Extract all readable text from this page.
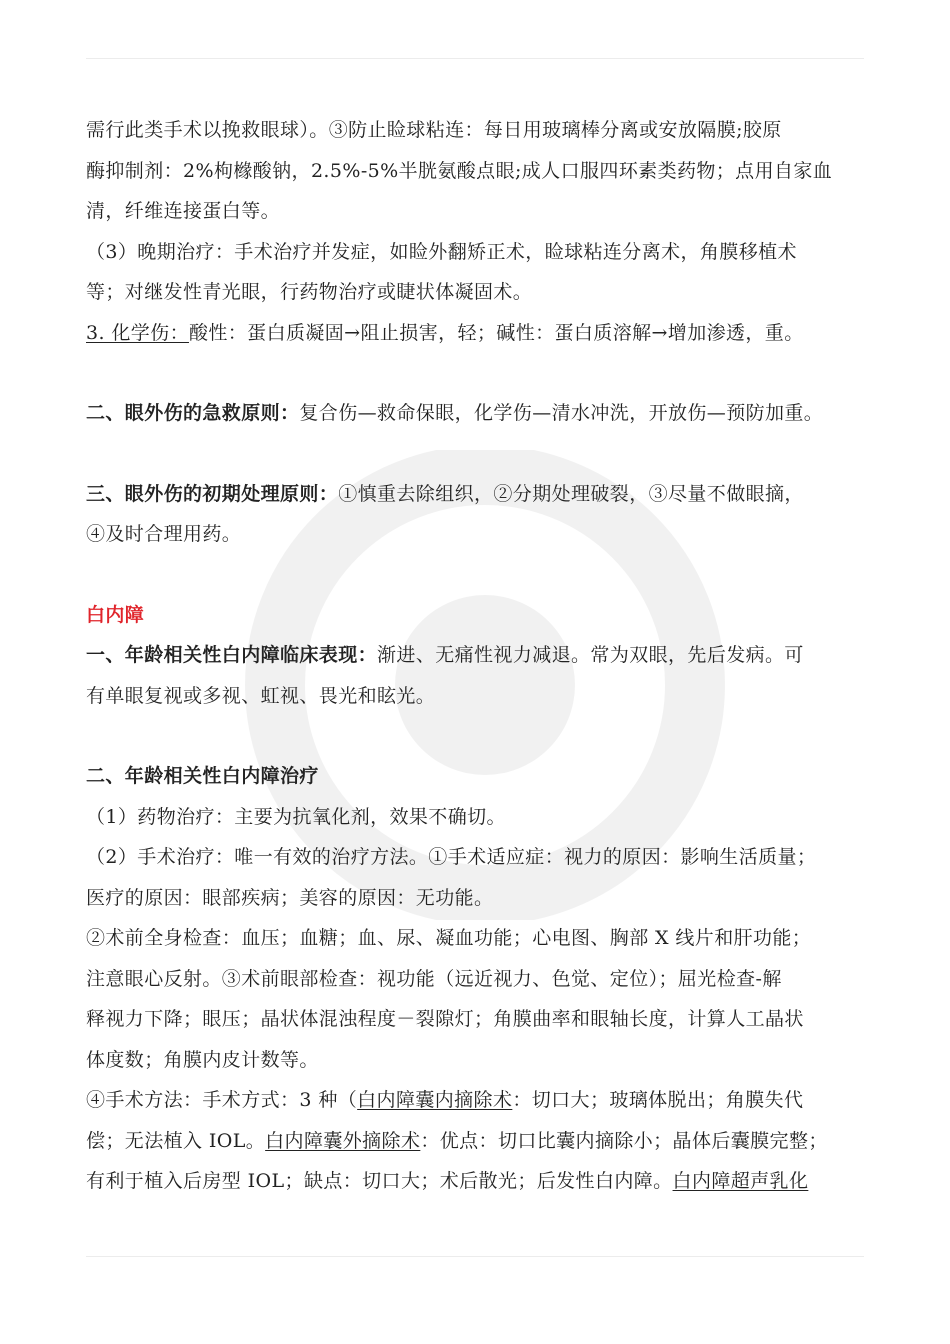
需行此类手术以挽救眼球）。③防止睑球粘连：每日用玻璃棒分离或安放隔膜;胶原

酶抑制剂：2%枸橼酸钠，2.5%-5%半胱氨酸点眼;成人口服四环素类药物；点用自家血

清，纤维连接蛋白等。

（3）晚期治疗：手术治疗并发症，如睑外翻矫正术，睑球粘连分离术，角膜移植术

等；对继发性青光眼，行药物治疗或睫状体凝固术。

3. 化学伤：酸性：蛋白质凝固→阻止损害，轻；碱性：蛋白质溶解→增加渗透，重。

二、眼外伤的急救原则：复合伤—救命保眼，化学伤—清水冲洗，开放伤—预防加重。

三、眼外伤的初期处理原则：①慎重去除组织，②分期处理破裂，③尽量不做眼摘，

④及时合理用药。

白内障

一、年龄相关性白内障临床表现：渐进、无痛性视力减退。常为双眼，先后发病。可

有单眼复视或多视、虹视、畏光和眩光。

二、年龄相关性白内障治疗

（1）药物治疗：主要为抗氧化剂，效果不确切。

（2）手术治疗：唯一有效的治疗方法。①手术适应症：视力的原因：影响生活质量；

医疗的原因：眼部疾病；美容的原因：无功能。

②术前全身检查：血压；血糖；血、尿、凝血功能；心电图、胸部 X 线片和肝功能；

注意眼心反射。③术前眼部检查：视功能（远近视力、色觉、定位）；屈光检查-解

释视力下降；眼压；晶状体混浊程度－裂隙灯；角膜曲率和眼轴长度，计算人工晶状

体度数；角膜内皮计数等。

④手术方法：手术方式：3 种（白内障囊内摘除术：切口大；玻璃体脱出；角膜失代

偿；无法植入 IOL。白内障囊外摘除术：优点：切口比囊内摘除小；晶体后囊膜完整；

有利于植入后房型 IOL；缺点：切口大；术后散光；后发性白内障。白内障超声乳化
